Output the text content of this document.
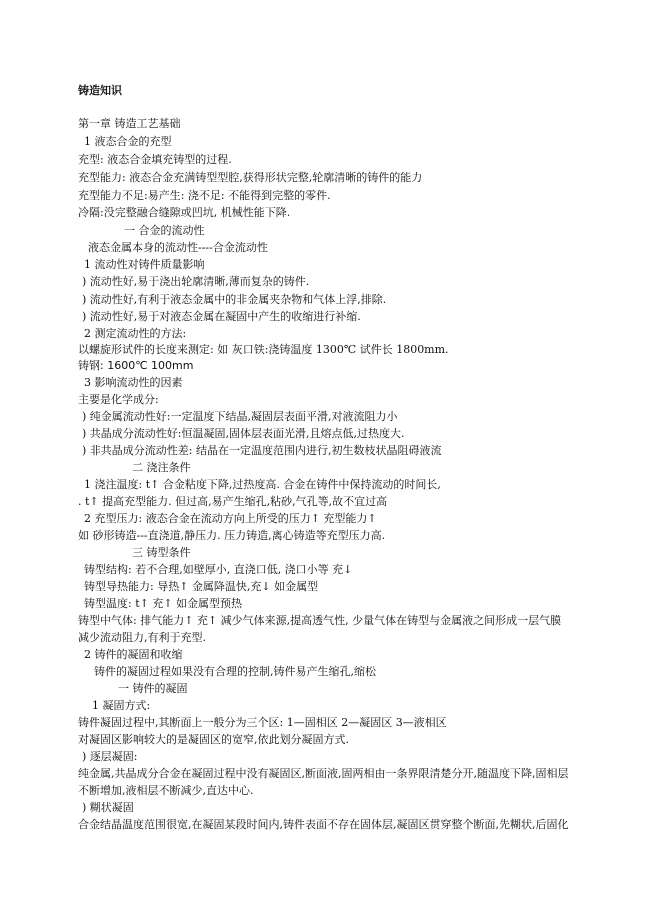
铸造知识
第一章 铸造工艺基础
1 液态合金的充型
充型: 液态合金填充铸型的过程.
充型能力: 液态合金充满铸型型腔,获得形状完整,轮廓清晰的铸件的能力
充型能力不足:易产生: 浇不足: 不能得到完整的零件.
冷隔:没完整融合缝隙或凹坑, 机械性能下降.
一 合金的流动性
液态金属本身的流动性----合金流动性
1 流动性对铸件质量影响
) 流动性好,易于浇出轮廓清晰,薄而复杂的铸件.
) 流动性好,有利于液态金属中的非金属夹杂物和气体上浮,排除.
) 流动性好,易于对液态金属在凝固中产生的收缩进行补缩.
2 测定流动性的方法:
以螺旋形试件的长度来测定: 如 灰口铁:浇铸温度 1300℃ 试件长 1800mm.
铸钢: 1600℃ 100mm
3 影响流动性的因素
主要是化学成分:
) 纯金属流动性好:一定温度下结晶,凝固层表面平滑,对液流阻力小
) 共晶成分流动性好:恒温凝固,固体层表面光滑,且熔点低,过热度大.
) 非共晶成分流动性差: 结晶在一定温度范围内进行,初生数枝状晶阻碍液流
二 浇注条件
1 浇注温度: t↑ 合金粘度下降,过热度高. 合金在铸件中保持流动的时间长,
. t↑ 提高充型能力. 但过高,易产生缩孔,粘砂,气孔等,故不宜过高
2 充型压力: 液态合金在流动方向上所受的压力↑ 充型能力↑
如 砂形铸造---直浇道,静压力. 压力铸造,离心铸造等充型压力高.
三 铸型条件
铸型结构: 若不合理,如壁厚小, 直浇口低, 浇口小等 充↓
铸型导热能力: 导热↑ 金属降温快,充↓ 如金属型
铸型温度: t↑ 充↑ 如金属型预热
铸型中气体: 排气能力↑ 充↑ 减少气体来源,提高透气性, 少量气体在铸型与金属液之间形成一层气膜
减少流动阻力,有利于充型.
2 铸件的凝固和收缩
铸件的凝固过程如果没有合理的控制,铸件易产生缩孔,缩松
一 铸件的凝固
1 凝固方式:
铸件凝固过程中,其断面上一般分为三个区: 1—固相区 2—凝固区 3—液相区
对凝固区影响较大的是凝固区的宽窄,依此划分凝固方式.
) 逐层凝固:
纯金属,共晶成分合金在凝固过程中没有凝固区,断面液,固两相由一条界限清楚分开,随温度下降,固相层
不断增加,液相层不断减少,直达中心.
) 糊状凝固
合金结晶温度范围很宽,在凝固某段时间内,铸件表面不存在固体层,凝固区贯穿整个断面,先糊状,后固化
